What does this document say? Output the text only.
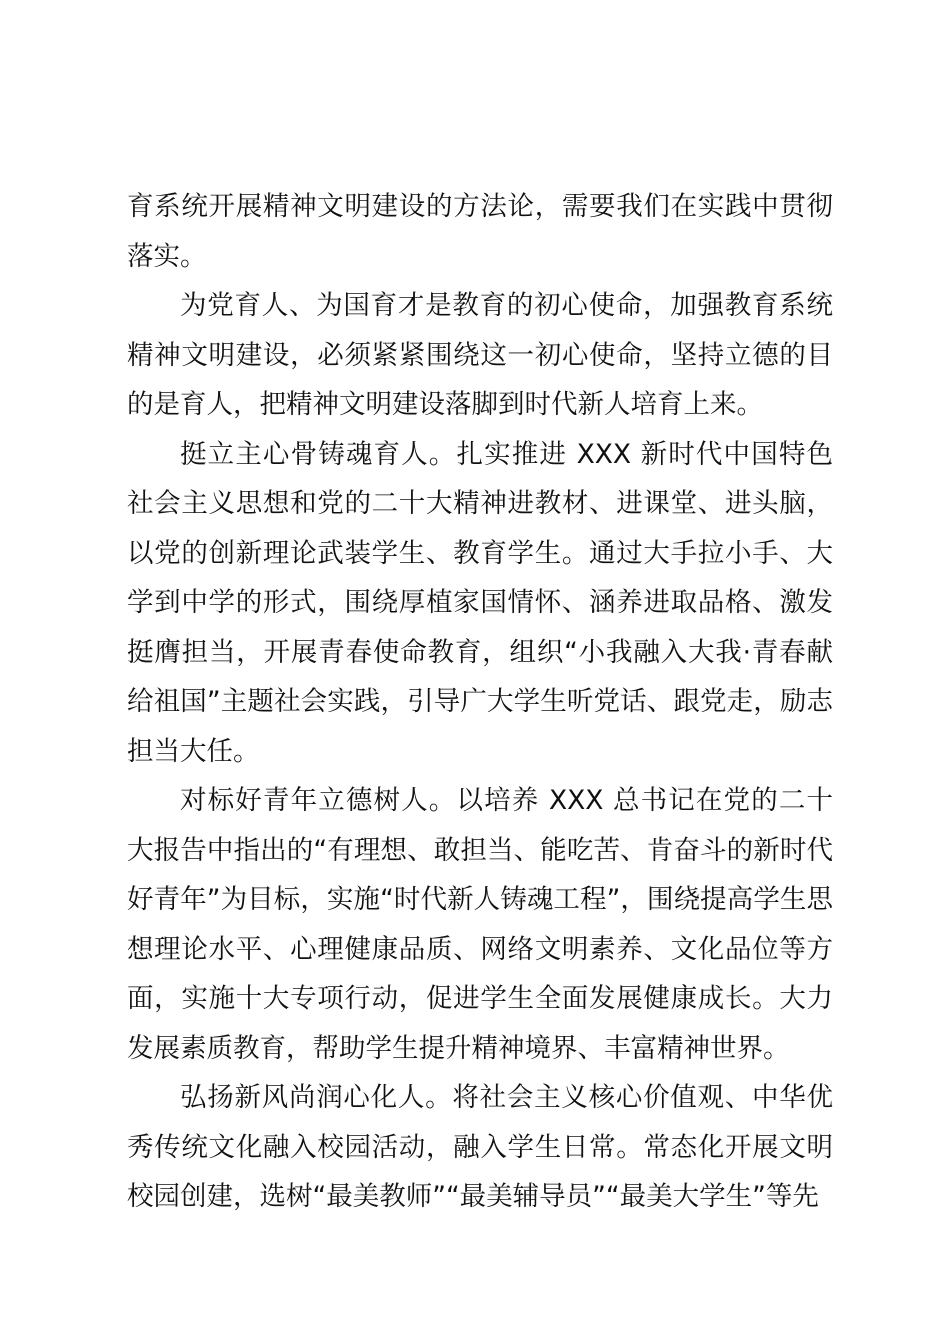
育系统开展精神文明建设的方法论，需要我们在实践中贯彻落实。

为党育人、为国育才是教育的初心使命，加强教育系统精神文明建设，必须紧紧围绕这一初心使命，坚持立德的目的是育人，把精神文明建设落脚到时代新人培育上来。

挺立主心骨铸魂育人。扎实推进 XXX 新时代中国特色社会主义思想和党的二十大精神进教材、进课堂、进头脑，以党的创新理论武装学生、教育学生。通过大手拉小手、大学到中学的形式，围绕厚植家国情怀、涵养进取品格、激发挺膺担当，开展青春使命教育，组织“小我融入大我·青春献给祖国”主题社会实践，引导广大学生听党话、跟党走，励志担当大任。

对标好青年立德树人。以培养 XXX 总书记在党的二十大报告中指出的“有理想、敢担当、能吃苦、肯奋斗的新时代好青年”为目标，实施“时代新人铸魂工程”，围绕提高学生思想理论水平、心理健康品质、网络文明素养、文化品位等方面，实施十大专项行动，促进学生全面发展健康成长。大力发展素质教育，帮助学生提升精神境界、丰富精神世界。

弘扬新风尚润心化人。将社会主义核心价值观、中华优秀传统文化融入校园活动，融入学生日常。常态化开展文明校园创建，选树“最美教师”“最美辅导员”“最美大学生”等先
